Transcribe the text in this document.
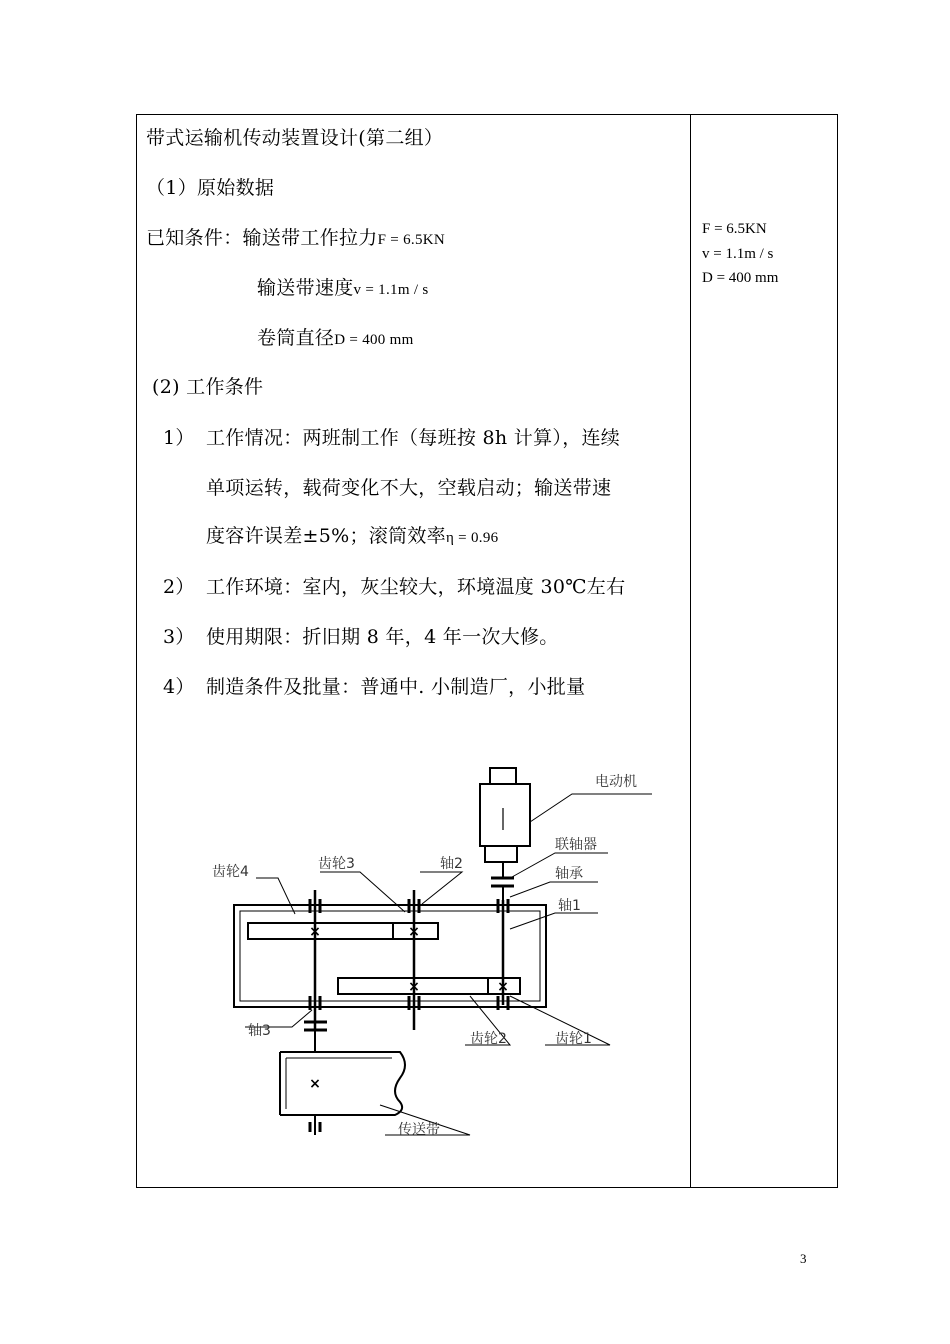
带式运输机传动装置设计(第二组）
（1）原始数据
已知条件：输送带工作拉力F = 6.5KN
输送带速度v = 1.1m / s
卷筒直径D = 400 mm
(2) 工作条件
1） 工作情况：两班制工作（每班按 8h 计算），连续
单项运转，载荷变化不大，空载启动；输送带速
度容许误差±5%；滚筒效率η = 0.96
2） 工作环境：室内，灰尘较大，环境温度 30℃左右
3） 使用期限：折旧期 8 年，4 年一次大修。
4） 制造条件及批量：普通中. 小制造厂，小批量
F = 6.5KN
v = 1.1m / s
D = 400 mm
×	×
×	×
×
电动机
联轴器
轴承
轴1
轴2
轴3	齿轮1
齿轮2
齿轮3
齿轮4
传送带
3
